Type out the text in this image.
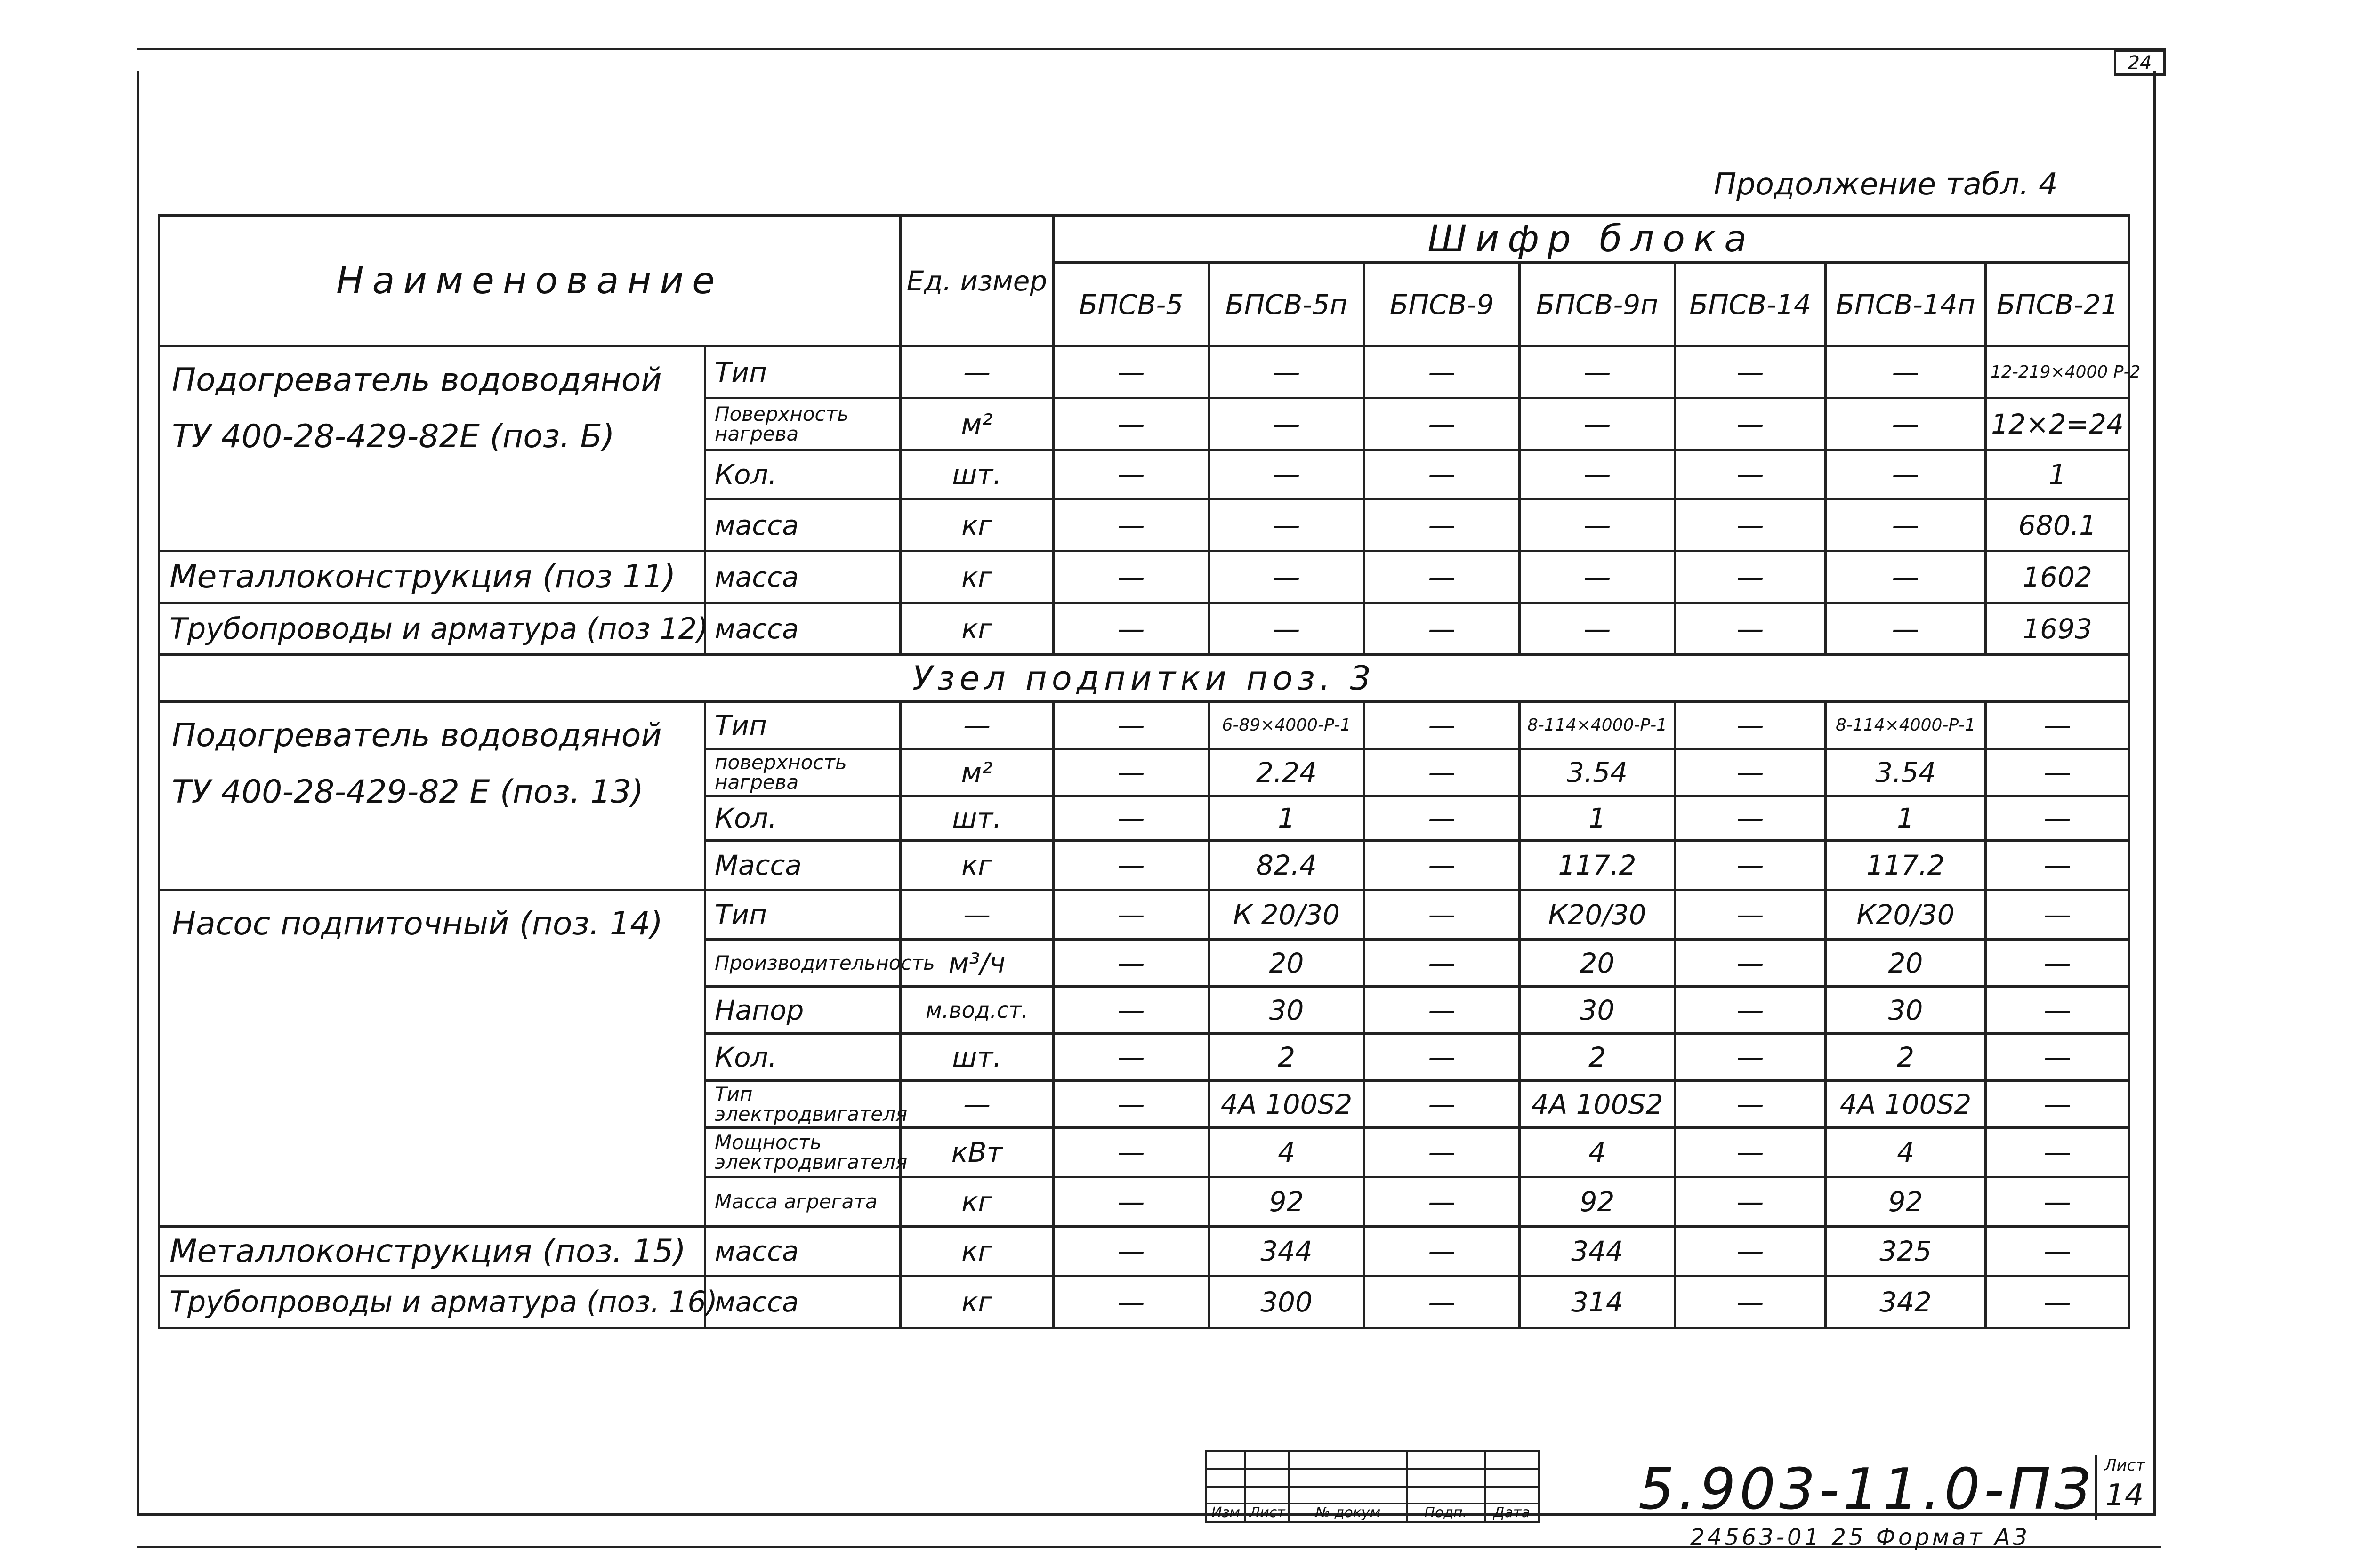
24
Продолжение табл. 4
Наименование		Ед. измер	Шифр блока						
			БПСВ-5	БПСВ-5п	БПСВ-9	БПСВ-9п	БПСВ-14	БПСВ-14п	БПСВ-21
Подогреватель водоводяной ТУ 400-28-429-82Е (поз. Б)	Тип	—	—	—	—	—	—	—	12-219×4000 Р-2
	Поверхность нагрева	м²	—	—	—	—	—	—	12×2=24
	Кол.	шт.	—	—	—	—	—	—	1
	масса	кг	—	—	—	—	—	—	680.1
Металлоконструкция (поз 11)	масса	кг	—	—	—	—	—	—	1602
Трубопроводы и арматура (поз 12)	масса	кг	—	—	—	—	—	—	1693
Узел подпитки поз. 3									
Подогреватель водоводяной ТУ 400-28-429-82 Е (поз. 13)	Тип	—	—	6-89×4000-Р-1	—	8-114×4000-Р-1	—	8-114×4000-Р-1	—
	поверхность нагрева	м²	—	2.24	—	3.54	—	3.54	—
	Кол.	шт.	—	1	—	1	—	1	—
	Масса	кг	—	82.4	—	117.2	—	117.2	—
Насос подпиточный (поз. 14)	Тип	—	—	К 20/30	—	К20/30	—	К20/30	—
	Производительность	м³/ч	—	20	—	20	—	20	—
	Напор	м.вод.ст.	—	30	—	30	—	30	—
	Кол.	шт.	—	2	—	2	—	2	—
	Тип электродвигателя	—	—	4А 100S2	—	4А 100S2	—	4А 100S2	—
	Мощность электродвигателя	кВт	—	4	—	4	—	4	—
	Масса агрегата	кг	—	92	—	92	—	92	—
Металлоконструкция (поз. 15)	масса	кг	—	344	—	344	—	325	—
Трубопроводы и арматура (поз. 16)	масса	кг	—	300	—	314	—	342	—

Изм	Лист	№ докум	Подп.	Дата 5.903-11.0-ПЗ Лист
14
24563-01 25 Формат А3
